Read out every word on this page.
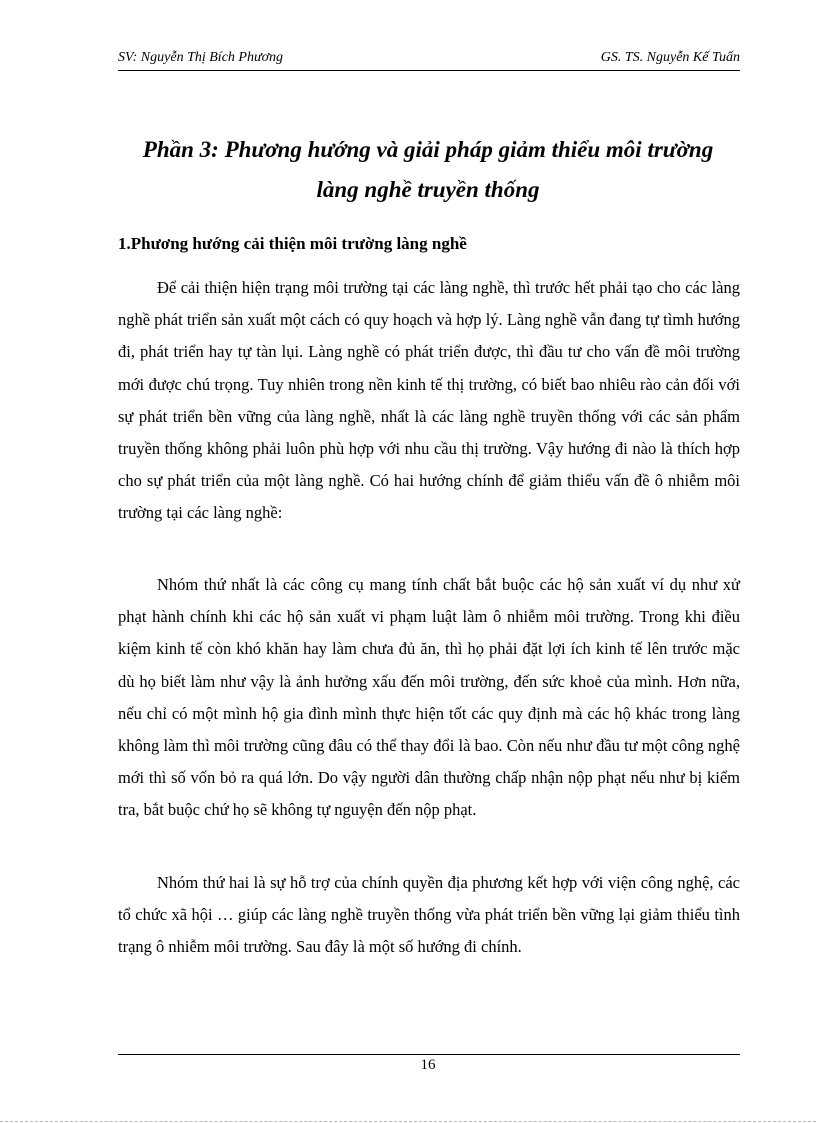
SV: Nguyễn Thị Bích Phương	GS. TS. Nguyễn Kế Tuấn
Phần 3: Phương hướng và giải pháp giảm thiểu môi trường
làng nghề truyền thống
1.Phương hướng cải thiện môi trường làng nghề

Để cải thiện hiện trạng môi trường tại các làng nghề, thì trước hết phải tạo cho các làng nghề phát triển sản xuất một cách có quy hoạch và hợp lý. Làng nghề vẫn đang tự tìmh hướng đi, phát triển hay tự tàn lụi. Làng nghề có phát triển được, thì đầu tư cho vấn đề môi trường mới được chú trọng. Tuy nhiên trong nền kinh tế thị trường, có biết bao nhiêu rào cản đối với sự phát triển bền vững của làng nghề, nhất là các làng nghề truyền thống với các sản phẩm truyền thống không phải luôn phù hợp với nhu cầu thị trường. Vậy hướng đi nào là thích hợp cho sự phát triển của một làng nghề. Có hai hướng chính để giảm thiểu vấn đề ô nhiễm môi trường tại các làng nghề:

Nhóm thứ nhất là các công cụ mang tính chất bắt buộc các hộ sản xuất ví dụ như xử phạt hành chính khi các hộ sản xuất vi phạm luật làm ô nhiễm môi trường. Trong khi điều kiệm kinh tế còn khó khăn hay làm chưa đủ ăn, thì họ phải đặt lợi ích kinh tế lên trước mặc dù họ biết làm như vậy là ảnh hưởng xấu đến môi trường, đến sức khoẻ của mình. Hơn nữa, nếu chỉ có một mình hộ gia đình mình thực hiện tốt các quy định mà các hộ khác trong làng không làm thì môi trường cũng đâu có thể thay đổi là bao. Còn nếu như đầu tư một công nghệ mới thì số vốn bỏ ra quá lớn. Do vậy người dân thường chấp nhận nộp phạt nếu như bị kiểm tra, bắt buộc chứ họ sẽ không tự nguyện đến nộp phạt.

Nhóm thứ hai là sự hỗ trợ của chính quyền địa phương kết hợp với viện công nghệ, các tổ chức xã hội … giúp các làng nghề truyền thống vừa phát triển bền vững lại giảm thiểu tình trạng ô nhiễm môi trường. Sau đây là một số hướng đi chính.

16
